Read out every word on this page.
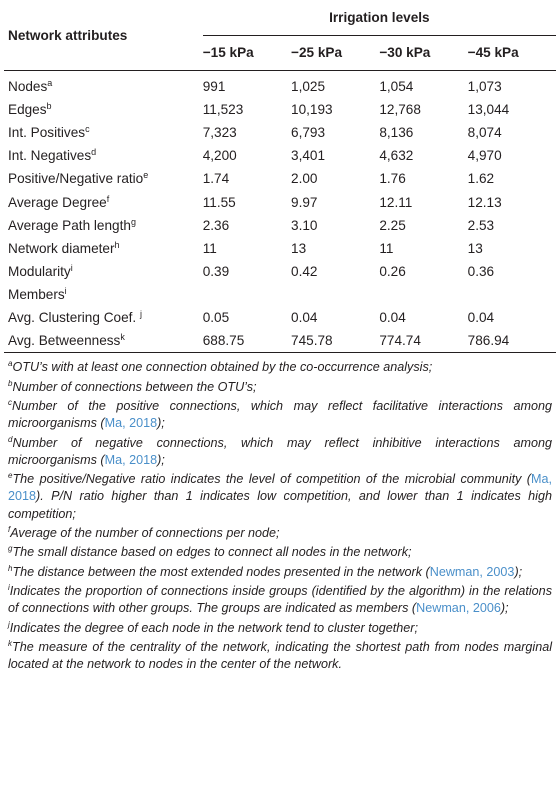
Network attributes	Irrigation levels			
	−15 kPa	−25 kPa	−30 kPa	−45 kPa
Nodes$^a$	991	1,025	1,054	1,073
Edges$^b$	11,523	10,193	12,768	13,044
Int. Positives$^c$	7,323	6,793	8,136	8,074
Int. Negatives$^d$	4,200	3,401	4,632	4,970
Positive/Negative ratio$^e$	1.74	2.00	1.76	1.62
Average Degree$^f$	11.55	9.97	12.11	12.13
Average Path length$^g$	2.36	3.10	2.25	2.53
Network diameter$^h$	11	13	11	13
Modularity$^i$	0.39	0.42	0.26	0.36
Members$^i$				
Avg. Clustering Coef. $^j$	0.05	0.04	0.04	0.04
Avg. Betweenness$^k$	688.75	745.78	774.74	786.94

$^a$OTU’s with at least one connection obtained by the co-occurrence analysis;

$^b$Number of connections between the OTU’s;

$^c$Number of the positive connections, which may reflect facilitative interactions among microorganisms (Ma, 2018);

$^d$Number of negative connections, which may reflect inhibitive interactions among microorganisms (Ma, 2018);

$^e$The positive/Negative ratio indicates the level of competition of the microbial community (Ma, 2018). P/N ratio higher than 1 indicates low competition, and lower than 1 indicates high competition;

$^f$Average of the number of connections per node;

$^g$The small distance based on edges to connect all nodes in the network;

$^h$The distance between the most extended nodes presented in the network (Newman, 2003);

$^i$Indicates the proportion of connections inside groups (identified by the algorithm) in the relations of connections with other groups. The groups are indicated as members (Newman, 2006);

$^j$Indicates the degree of each node in the network tend to cluster together;

$^k$The measure of the centrality of the network, indicating the shortest path from nodes marginal located at the network to nodes in the center of the network.
